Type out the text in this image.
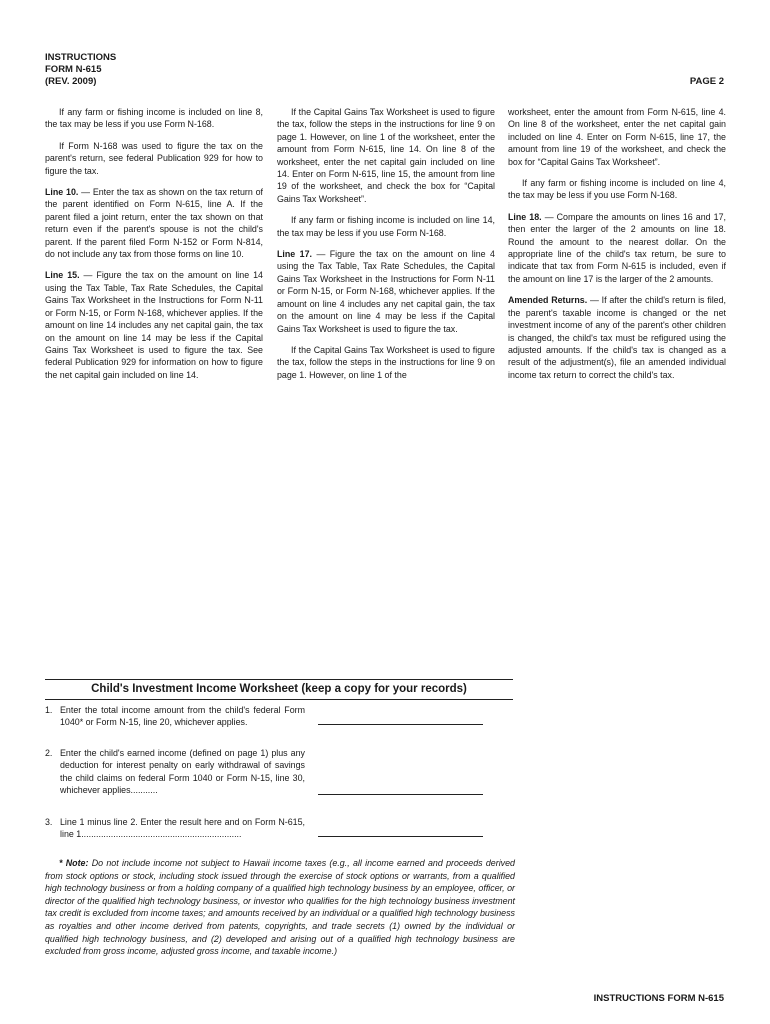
INSTRUCTIONS
FORM N-615
(REV. 2009)	PAGE 2

If any farm or fishing income is included on line 8, the tax may be less if you use Form N-168.

If Form N-168 was used to figure the tax on the parent's return, see federal Publication 929 for how to figure the tax.

Line 10. — Enter the tax as shown on the tax return of the parent identified on Form N-615, line A. If the parent filed a joint return, enter the tax shown on that return even if the parent's spouse is not the child's parent. If the parent filed Form N-152 or Form N-814, do not include any tax from those forms on line 10.

Line 15. — Figure the tax on the amount on line 14 using the Tax Table, Tax Rate Schedules, the Capital Gains Tax Worksheet in the Instructions for Form N-11 or Form N-15, or Form N-168, whichever applies. If the amount on line 14 includes any net capital gain, the tax on the amount on line 14 may be less if the Capital Gains Tax Worksheet is used to figure the tax. See federal Publication 929 for information on how to figure the net capital gain included on line 14.

If the Capital Gains Tax Worksheet is used to figure the tax, follow the steps in the instructions for line 9 on page 1. However, on line 1 of the worksheet, enter the amount from Form N-615, line 14. On line 8 of the worksheet, enter the net capital gain included on line 14. Enter on Form N-615, line 15, the amount from line 19 of the worksheet, and check the box for “Capital Gains Tax Worksheet”.

If any farm or fishing income is included on line 14, the tax may be less if you use Form N-168.

Line 17. — Figure the tax on the amount on line 4 using the Tax Table, Tax Rate Schedules, the Capital Gains Tax Worksheet in the Instructions for Form N-11 or Form N-15, or Form N-168, whichever applies. If the amount on line 4 includes any net capital gain, the tax on the amount on line 4 may be less if the Capital Gains Tax Worksheet is used to figure the tax.

If the Capital Gains Tax Worksheet is used to figure the tax, follow the steps in the instructions for line 9 on page 1. However, on line 1 of the

worksheet, enter the amount from Form N-615, line 4. On line 8 of the worksheet, enter the net capital gain included on line 4. Enter on Form N-615, line 17, the amount from line 19 of the worksheet, and check the box for “Capital Gains Tax Worksheet”.

If any farm or fishing income is included on line 4, the tax may be less if you use Form N-168.

Line 18. — Compare the amounts on lines 16 and 17, then enter the larger of the 2 amounts on line 18. Round the amount to the nearest dollar. On the appropriate line of the child's tax return, be sure to indicate that tax from Form N-615 is included, even if the amount on line 17 is the larger of the 2 amounts.

Amended Returns. — If after the child's return is filed, the parent's taxable income is changed or the net investment income of any of the parent's other children is changed, the child's tax must be refigured using the adjusted amounts. If the child's tax is changed as a result of the adjustment(s), file an amended individual income tax return to correct the child's tax.

Child's Investment Income Worksheet (keep a copy for your records)
1. Enter the total income amount from the child's federal Form 1040* or Form N-15, line 20, whichever applies.
2. Enter the child's earned income (defined on page 1) plus any deduction for interest penalty on early withdrawal of savings the child claims on federal Form 1040 or Form N-15, line 30, whichever applies...........
3. Line 1 minus line 2. Enter the result here and on Form N-615, line 1.................................................................
* Note: Do not include income not subject to Hawaii income taxes (e.g., all income earned and proceeds derived from stock options or stock, including stock issued through the exercise of stock options or warrants, from a qualified high technology business or from a holding company of a qualified high technology business by an employee, officer, or director of the qualified high technology business, or investor who qualifies for the high technology business investment tax credit is excluded from income taxes; and amounts received by an individual or a qualified high technology business as royalties and other income derived from patents, copyrights, and trade secrets (1) owned by the individual or qualified high technology business, and (2) developed and arising out of a qualified high technology business are excluded from gross income, adjusted gross income, and taxable income.)
INSTRUCTIONS FORM N-615
